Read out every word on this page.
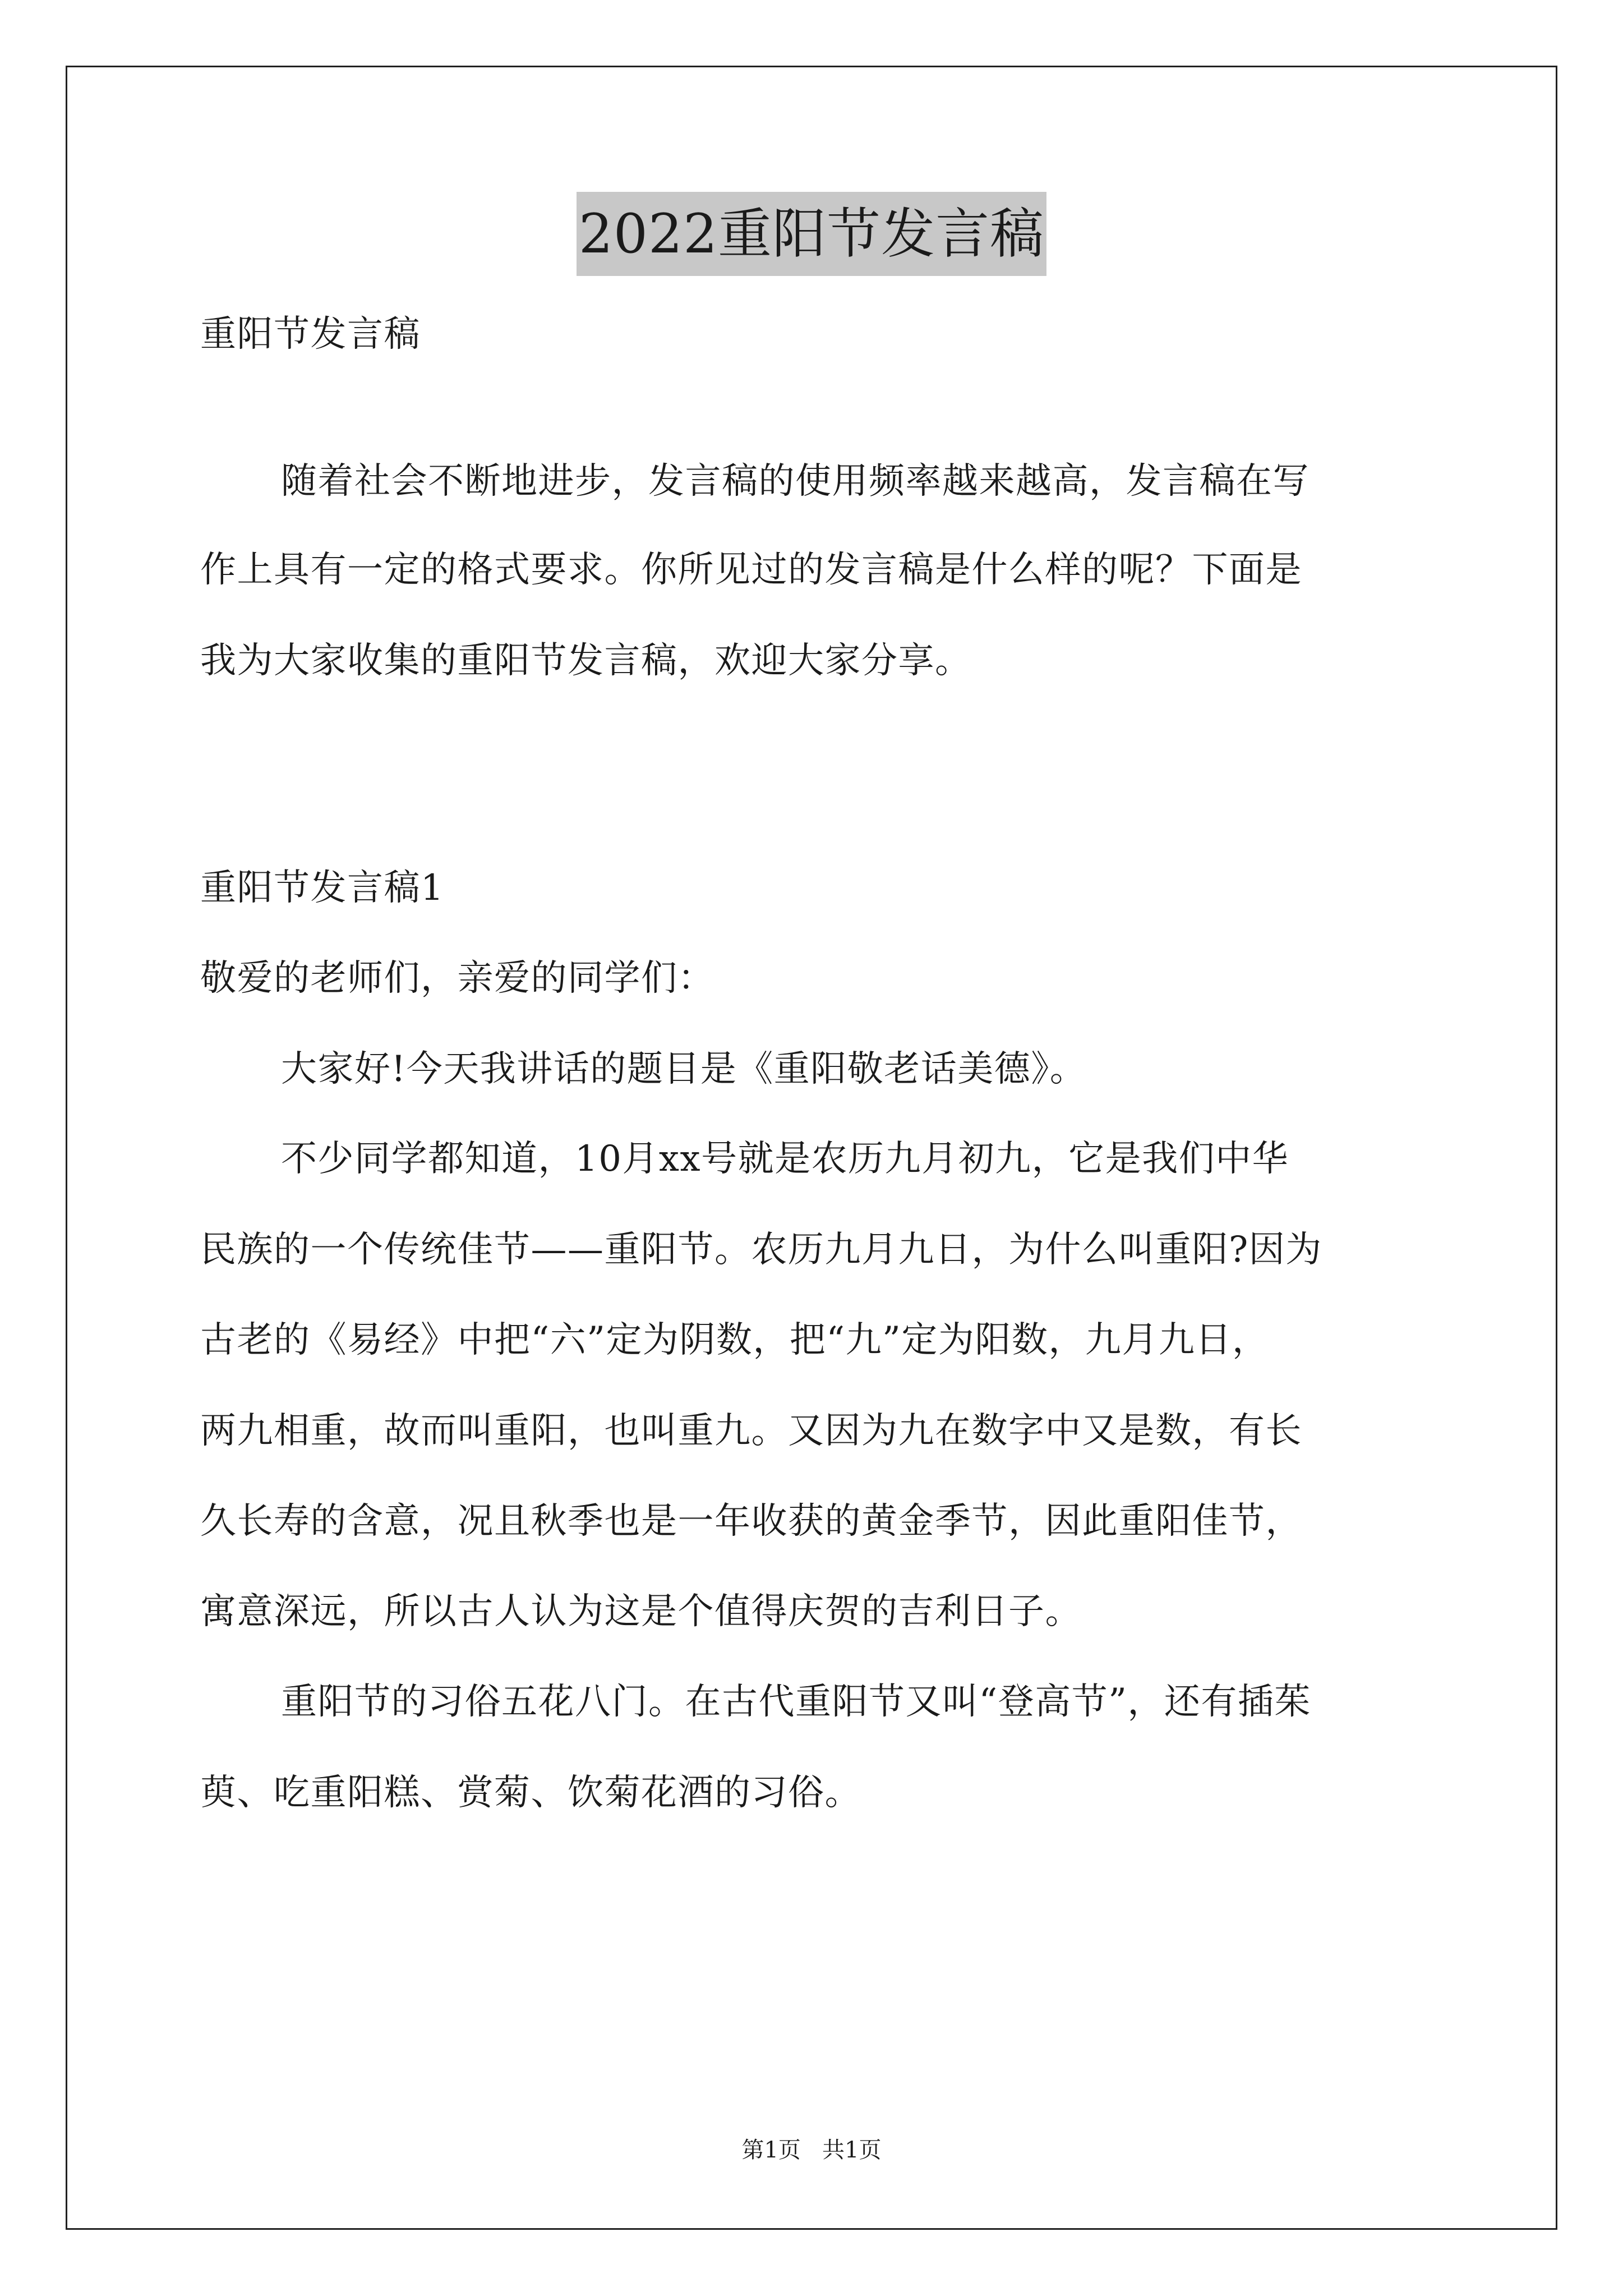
2022重阳节发言稿
重阳节发言稿
随着社会不断地进步，发言稿的使用频率越来越高，发言稿在写
作上具有一定的格式要求。你所见过的发言稿是什么样的呢？下面是
我为大家收集的重阳节发言稿，欢迎大家分享。
重阳节发言稿1
敬爱的老师们，亲爱的同学们：
大家好!今天我讲话的题目是《重阳敬老话美德》。
不少同学都知道，10月xx号就是农历九月初九，它是我们中华
民族的一个传统佳节——重阳节。农历九月九日，为什么叫重阳?因为
古老的《易经》中把“六”定为阴数，把“九”定为阳数，九月九日，
两九相重，故而叫重阳，也叫重九。又因为九在数字中又是数，有长
久长寿的含意，况且秋季也是一年收获的黄金季节，因此重阳佳节，
寓意深远，所以古人认为这是个值得庆贺的吉利日子。
重阳节的习俗五花八门。在古代重阳节又叫“登高节”，还有插茱
萸、吃重阳糕、赏菊、饮菊花酒的习俗。
第1页   共1页
